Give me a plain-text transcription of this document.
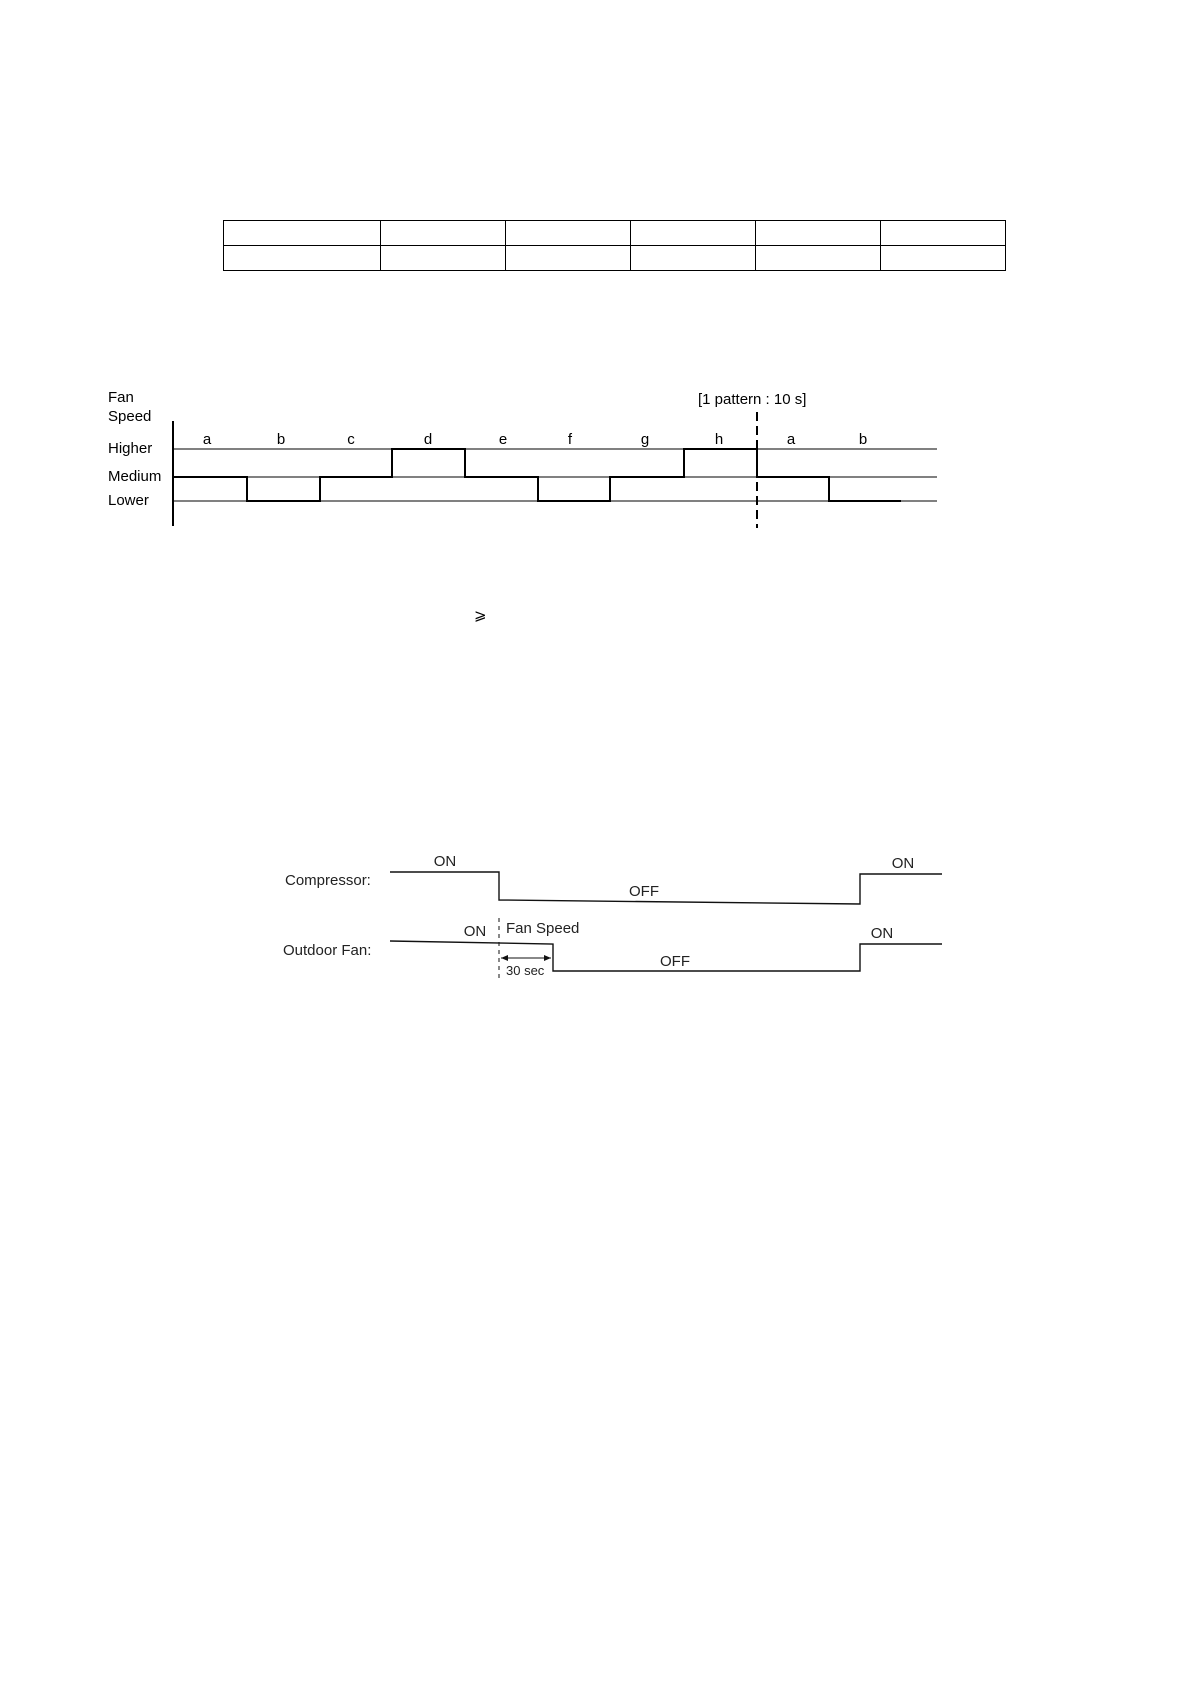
Fan
Speed
Higher
Medium
Lower
[1 pattern : 10 s]
a	b	c	d	e	f	g	h	a	b
⩾
Compressor:
Outdoor Fan:
ON
OFF
ON
ON Fan Speed
OFF
ON
30 sec
